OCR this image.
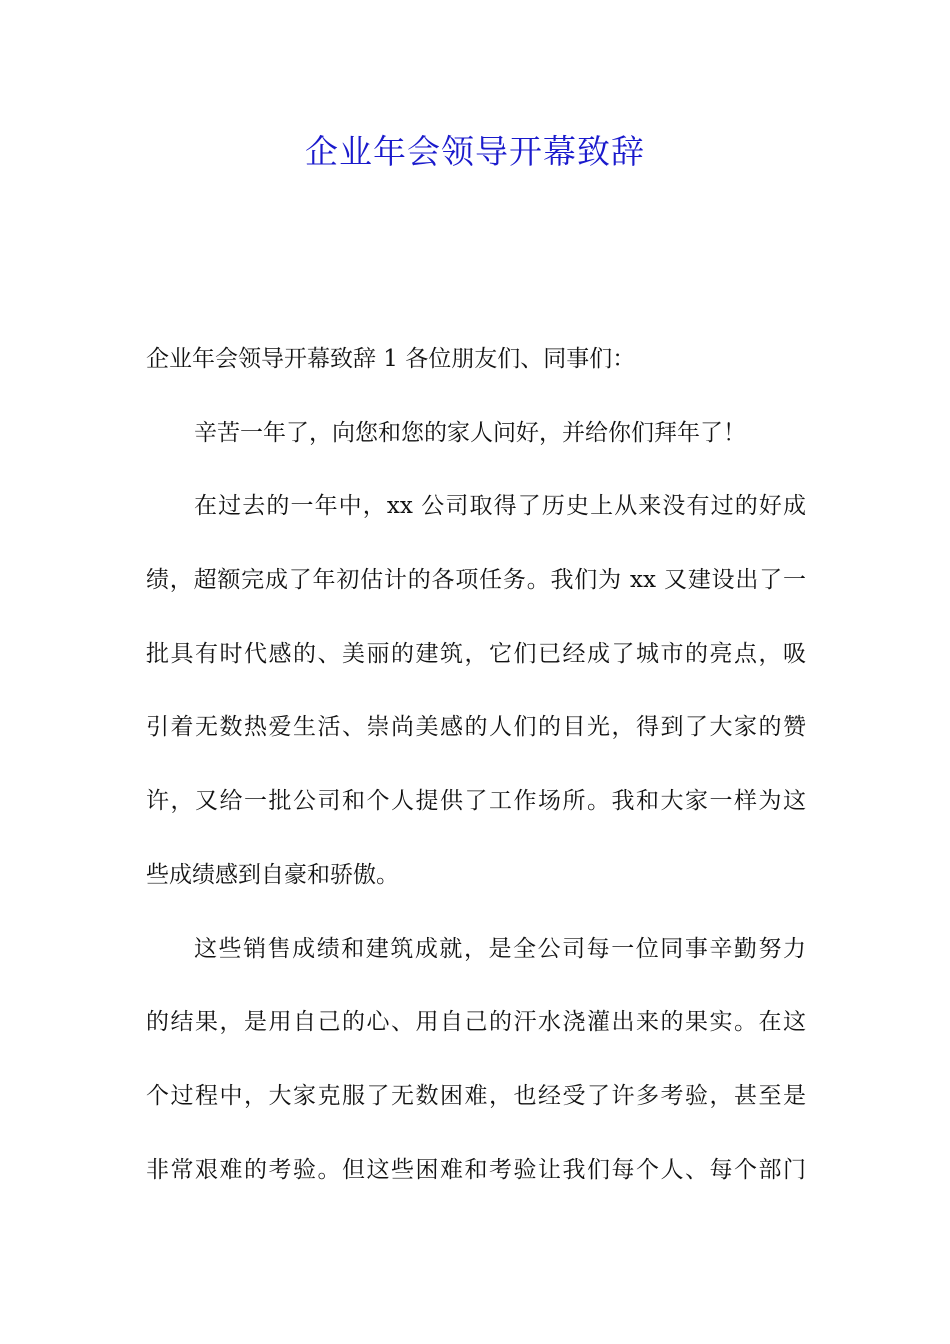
企业年会领导开幕致辞

企业年会领导开幕致辞 1 各位朋友们、同事们：

辛苦一年了，向您和您的家人问好，并给你们拜年了！

在过去的一年中，xx 公司取得了历史上从来没有过的好成

绩，超额完成了年初估计的各项任务。我们为 xx 又建设出了一

批具有时代感的、美丽的建筑，它们已经成了城市的亮点，吸

引着无数热爱生活、崇尚美感的人们的目光，得到了大家的赞

许，又给一批公司和个人提供了工作场所。我和大家一样为这

些成绩感到自豪和骄傲。

这些销售成绩和建筑成就，是全公司每一位同事辛勤努力

的结果，是用自己的心、用自己的汗水浇灌出来的果实。在这

个过程中，大家克服了无数困难，也经受了许多考验，甚至是

非常艰难的考验。但这些困难和考验让我们每个人、每个部门
